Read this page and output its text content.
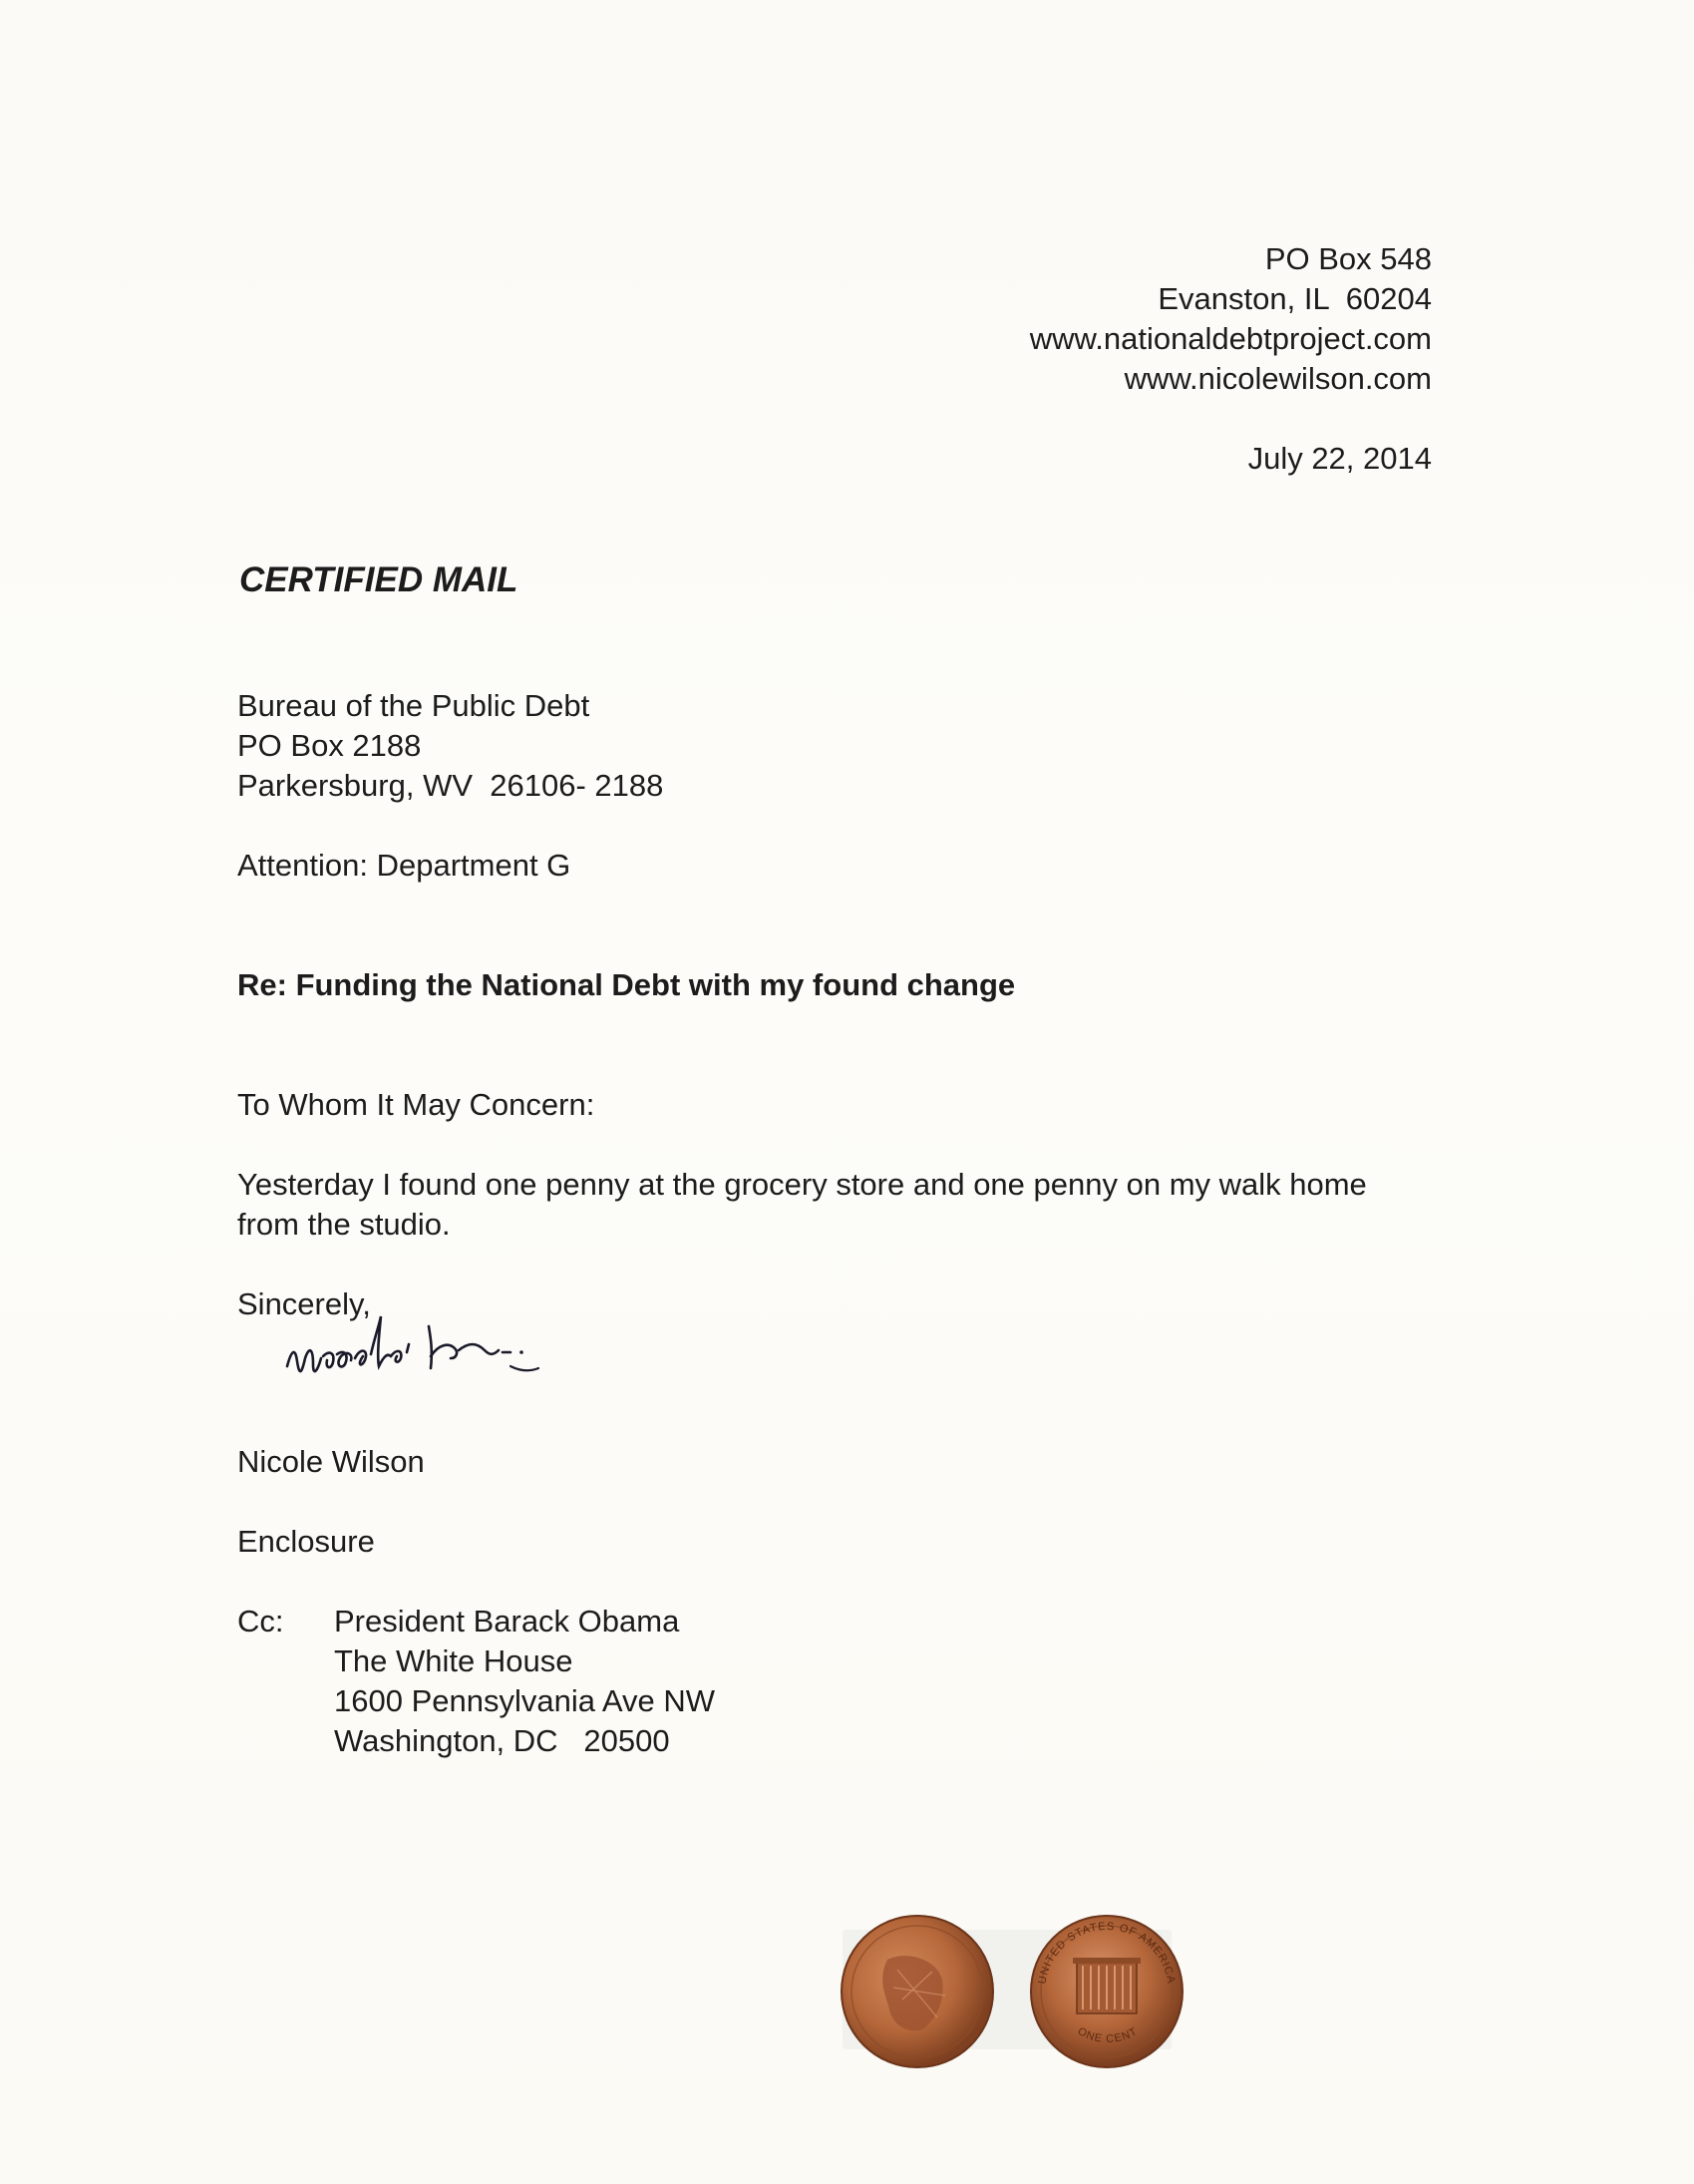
PO Box 548
Evanston, IL  60204
www.nationaldebtproject.com
www.nicolewilson.com
July 22, 2014
CERTIFIED MAIL
Bureau of the Public Debt
PO Box 2188
Parkersburg, WV  26106- 2188
Attention: Department G
Re: Funding the National Debt with my found change
To Whom It May Concern:
Yesterday I found one penny at the grocery store and one penny on my walk home from the studio.
Sincerely,
Nicole Wilson
Enclosure
Cc: President Barack Obama
The White House
1600 Pennsylvania Ave NW
Washington, DC   20500
UNITED STATES OF AMERICA
ONE CENT
